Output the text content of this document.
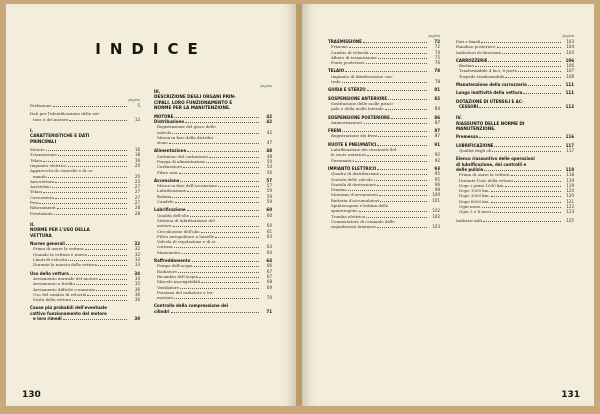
INDICE
pagina
Prefazione	5
Dati per l'identificazione della vet-
tura e del motore	12
I.
CARATTERISTICHE E DATI
PRINCIPALI
Motore	16
Trasmissione	18
Telaio	19
Impianto elettrico	20
Apparecchi di controllo e di co-
mando	20
Autovettura	23
Autotelaio	27
Telaio	27
Carrozzeria	27
Pesi	27
Rifornimenti	28
Prestazioni	28
II.
NORME PER L'USO DELLA
VETTURA
Norme generali	32
Prima di usare la vettura	32
Quando la vettura è nuova	32
Limiti di velocità	33
Durante la marcia della vettura	33
Uso della vettura	34
Avviamento normale del motore	34
Avviamento a freddo	35
Avviamento difficile o mancato	36
Uso del cambio di velocità	36
Sosta della vettura	36
Cause più probabili dell'eventuale
cattivo funzionamento del motore
e loro rimedi	38
pagina
III.
DESCRIZIONE DEGLI ORGANI PRIN-
CIPALI. LORO FUNZIONAMENTO E
NORME PER LA MANUTENZIONE.
MOTORE	42
Distribuzione	42
Registrazione del gioco delle
valvole	42
Messa in fase della distribu-
zione	47
Alimentazione	48
Serbatoio del carburante	48
Pompa di alimentazione	50
Carburatore	54
Filtro aria	56
Accensione	57
Messa in fase dell'accensione	57
Lubrificazione	59
Bobina	59
Candele	59
Lubrificazione	60
Qualità dell'olio	60
Sistema di lubrificazione del
motore	60
Circolazione dell'olio	61
Filtro autopulitore a lamelle	63
Valvola di regolazione e di si-
curezza	63
Manometro	64
Raffreddamento	64
Pompa dell'acqua	66
Radiatore	67
Ricambio dell'acqua	67
Miscele incongelabili	68
Ventilatore	69
Persiana del radiatore e ter-
mostato	70
Controllo della compressione dei
cilindri	71
130
pagina
TRASMISSIONE	72
Frizione	72
Cambio di velocità	74
Albero di trasmissione	75
Ponte posteriore	76
TELAIO	78
Impianto di lubrificazione cen-
trale	78
GUIDA E STERZO	81
SOSPENSIONE ANTERIORE	82
Sostituzione delle molle princi-
pale e della molla laterale	84
SOSPENSIONE POSTERIORE	86
Ammortizzatori	87
FRENI	87
Registrazione dei freni	87
RUOTE E PNEUMATICI	91
Lubrificazione dei cuscinetti del-
le ruote anteriori	92
Pneumatici	92
IMPIANTO ELETTRICO	93
Quadro di distribuzione	95
Scatola delle valvole	95
Scatola di derivazione	96
Dinamo	98
Motorino d'avviamento	100
Batteria d'accumulatori	101
Spinterogeno e bobina dello
spinterogeno	102
Tromba elettrica	102
Commutatore di comando delle
segnalazioni luminose	103
pagina
Fari e fanali	103
Fanalino posteriore	104
Indicatori di direzione	104
CARROZZERIE	106
Berlina	106
Trasformabile 4 luci, 6 porte	107
Torpedo trasformabile	108
Manutenzione della carrozzeria	111
Lunga inattività della vettura	111
DOTAZIONE DI UTENSILI E AC-
CESSORI	112
IV.
RIASSUNTO DELLE NORME DI
MANUTENZIONE.
Premessa	116
LUBRIFICAZIONE	117
Qualità degli oli	117
Elenco riassuntivo delle operazioni
di lubrificazione, dei controlli e
delle pulizie	118
Prima di usare la vettura	118
Durante l'uso della vettura	119
Dopo i primi 1000 km.	119
Dopo 1000 km.	120
Dopo 3000 km.	120
Dopo 6000 km.	121
Ogni mese	122
Ogni 3 o 4 mesi	123
Indirizzi utili	125
131
